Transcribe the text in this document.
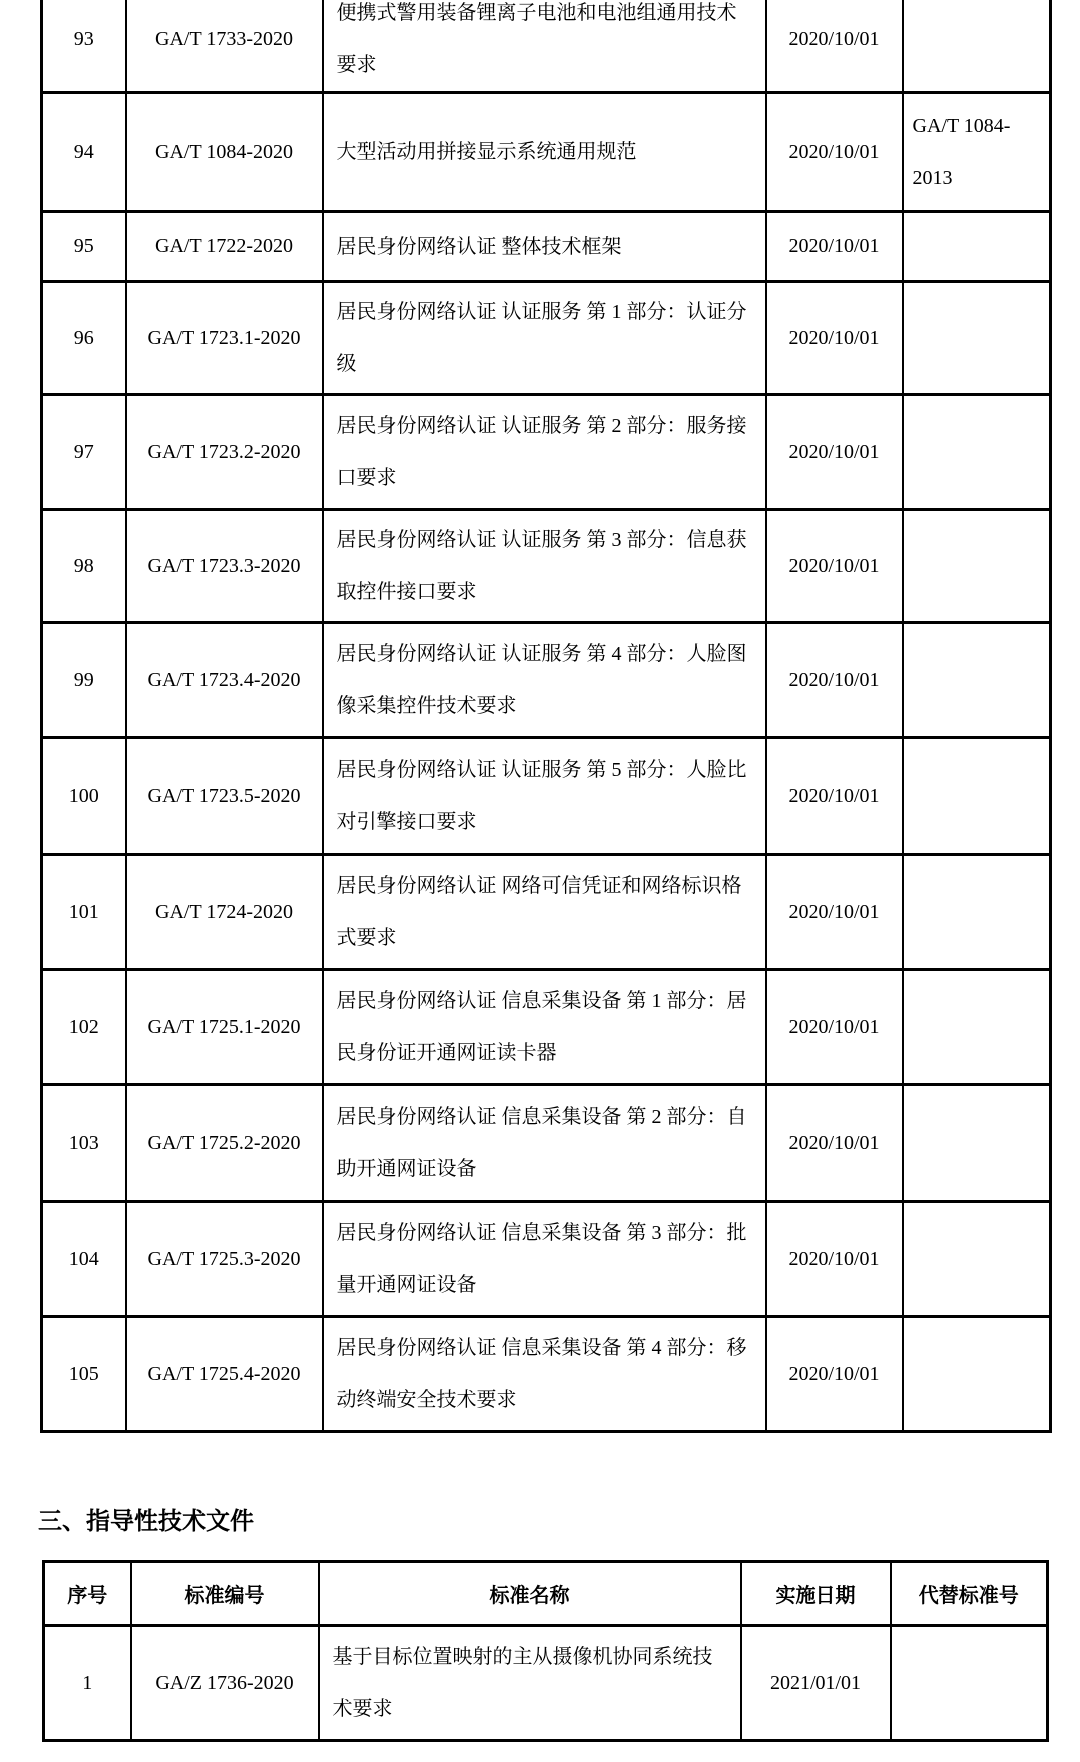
93	GA/T 1733-2020	便携式警用装备锂离子电池和电池组通用技术要求	2020/10/01	
94	GA/T 1084-2020	大型活动用拼接显示系统通用规范	2020/10/01	GA/T 1084-2013
95	GA/T 1722-2020	居民身份网络认证 整体技术框架	2020/10/01	
96	GA/T 1723.1-2020	居民身份网络认证 认证服务 第 1 部分：认证分级	2020/10/01	
97	GA/T 1723.2-2020	居民身份网络认证 认证服务 第 2 部分：服务接口要求	2020/10/01	
98	GA/T 1723.3-2020	居民身份网络认证 认证服务 第 3 部分：信息获取控件接口要求	2020/10/01	
99	GA/T 1723.4-2020	居民身份网络认证 认证服务 第 4 部分：人脸图像采集控件技术要求	2020/10/01	
100	GA/T 1723.5-2020	居民身份网络认证 认证服务 第 5 部分：人脸比对引擎接口要求	2020/10/01	
101	GA/T 1724-2020	居民身份网络认证 网络可信凭证和网络标识格式要求	2020/10/01	
102	GA/T 1725.1-2020	居民身份网络认证 信息采集设备 第 1 部分：居民身份证开通网证读卡器	2020/10/01	
103	GA/T 1725.2-2020	居民身份网络认证 信息采集设备 第 2 部分：自助开通网证设备	2020/10/01	
104	GA/T 1725.3-2020	居民身份网络认证 信息采集设备 第 3 部分：批量开通网证设备	2020/10/01	
105	GA/T 1725.4-2020	居民身份网络认证 信息采集设备 第 4 部分：移动终端安全技术要求	2020/10/01	
三、指导性技术文件
序号	标准编号	标准名称	实施日期	代替标准号
1	GA/Z 1736-2020	基于目标位置映射的主从摄像机协同系统技术要求	2021/01/01	
